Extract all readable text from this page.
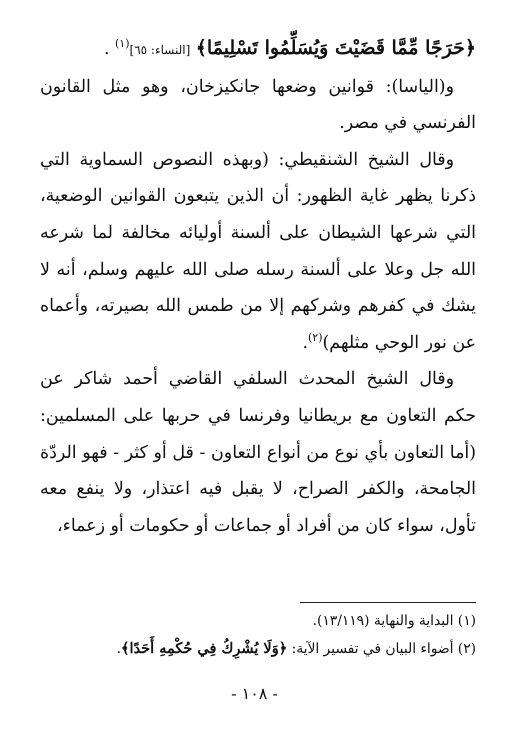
﴿حَرَجًا مِّمَّا قَضَيْتَ وَيُسَلِّمُوا تَسْلِيمًا﴾ [النساء: ٦٥]$^{(١)}$ .

و(الياسا): قوانين وضعها جانكيزخان، وهو مثل القانون الفرنسي في مصر.

وقال الشيخ الشنقيطي: (وبهذه النصوص السماوية التي ذكرنا يظهر غاية الظهور: أن الذين يتبعون القوانين الوضعية، التي شرعها الشيطان على ألسنة أوليائه مخالفة لما شرعه الله جل وعلا على ألسنة رسله صلى الله عليهم وسلم، أنه لا يشك في كفرهم وشركهم إلا من طمس الله بصيرته، وأعماه عن نور الوحي مثلهم)$^{(٢)}$.

وقال الشيخ المحدث السلفي القاضي أحمد شاكر عن حكم التعاون مع بريطانيا وفرنسا في حربها على المسلمين: (أما التعاون بأي نوع من أنواع التعاون - قل أو كثر - فهو الردّة الجامحة، والكفر الصراح، لا يقبل فيه اعتذار، ولا ينفع معه تأول، سواء كان من أفراد أو جماعات أو حكومات أو زعماء،

(١) البداية والنهاية (١٣/١١٩).

(٢) أضواء البيان في تفسير الآية: ﴿وَلَا يُشْرِكُ فِي حُكْمِهِ أَحَدًا﴾.

- ١٠٨ -
